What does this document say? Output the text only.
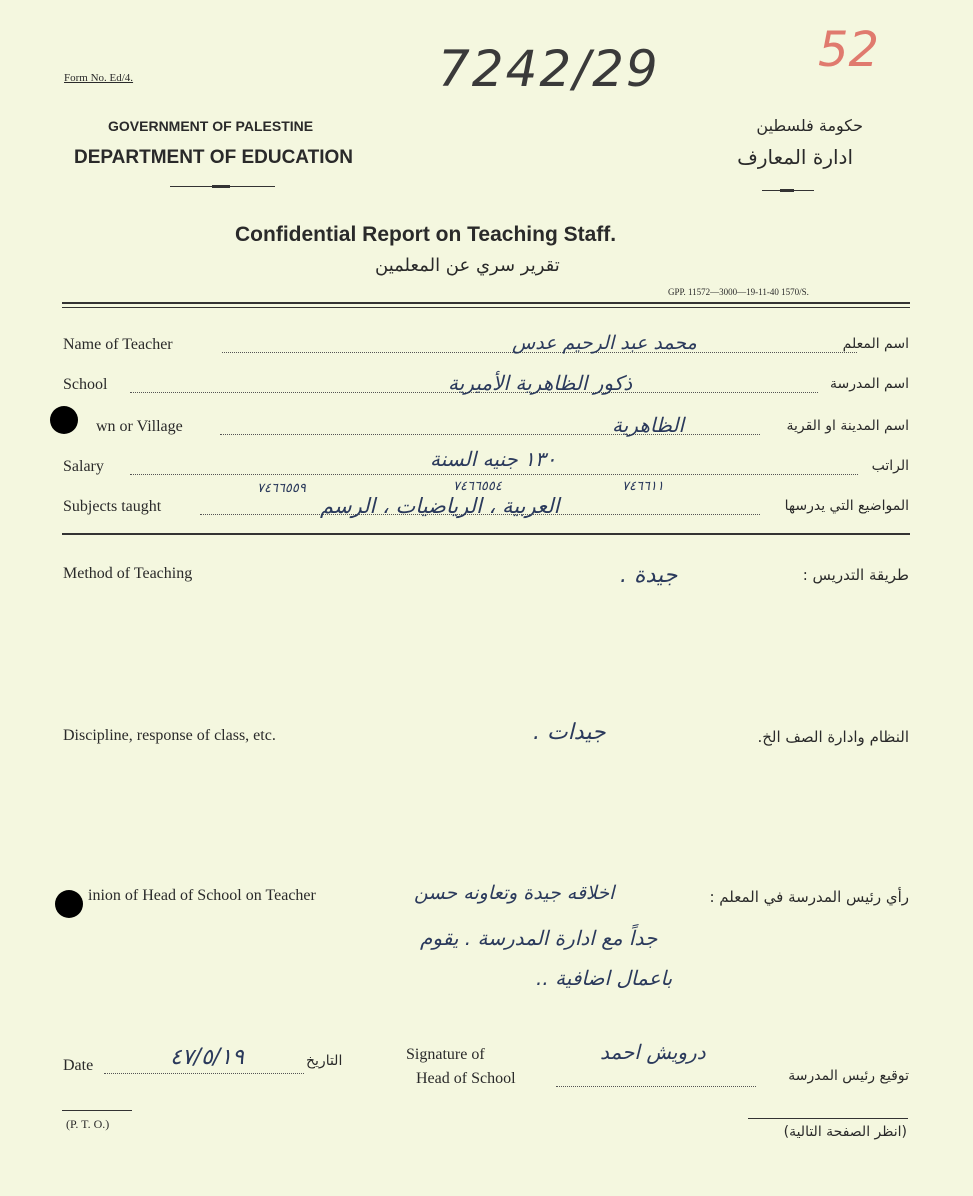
Form No. Ed/4.	7242/29	52
GOVERNMENT OF PALESTINE
DEPARTMENT OF EDUCATION
حكومة فلسطين
ادارة المعارف
Confidential Report on Teaching Staff.
تقرير سري عن المعلمين
GPP. 11572—3000—19-11-40 1570/S.
Name of Teacher	محمد عبد الرحيم عدس	اسم المعلم
School	ذكور الظاهرية الأميرية	اسم المدرسة
wn or Village	الظاهرية	اسم المدينة او القرية
Salary	١٣٠ جنيه السنة	الراتب
٧٤٦٦١١
٧٤٦٦٥٥٤
٧٤٦٦٥٥٩
Subjects taught	العربية ، الرياضيات ، الرسم	المواضيع التي يدرسها
Method of Teaching	جيدة .	طريقة التدريس :
Discipline, response of class, etc.	جيدات .	النظام وادارة الصف الخ.
inion of Head of School on Teacher	رأي رئيس المدرسة في المعلم :
اخلاقه جيدة وتعاونه حسن
جداً مع ادارة المدرسة . يقوم
باعمال اضافية ..
Date	٤٧/٥/١٩	التاريخ	Signature of
Head of School
درويش احمد
توقيع رئيس المدرسة
(P. T. O.)	(انظر الصفحة التالية)
